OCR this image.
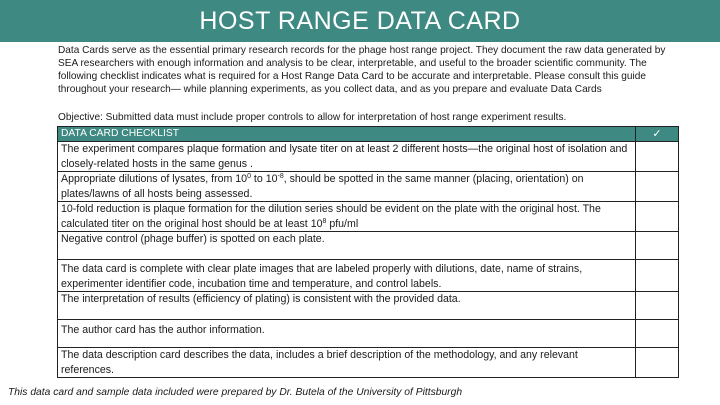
HOST RANGE DATA CARD
Data Cards serve as the essential primary research records for the phage host range project. They document the raw data generated by SEA researchers with enough information and analysis to be clear, interpretable, and useful to the broader scientific community. The following checklist indicates what is required for a Host Range Data Card to be accurate and interpretable. Please consult this guide throughout your research— while planning experiments, as you collect data, and as you prepare and evaluate Data Cards
Objective: Submitted data must include proper controls to allow for interpretation of host range experiment results.
DATA CARD CHECKLIST	✓
The experiment compares plaque formation and lysate titer on at least 2 different hosts—the original host of isolation and closely-related hosts in the same genus .	
Appropriate dilutions of lysates, from $10^0$ to $10^{-8}$, should be spotted in the same manner (placing, orientation) on plates/lawns of all hosts being assessed.	
10-fold reduction is plaque formation for the dilution series should be evident on the plate with the original host. The calculated titer on the original host should be at least $10^8$ pfu/ml	
Negative control (phage buffer) is spotted on each plate.	
The data card is complete with clear plate images that are labeled properly with dilutions, date, name of strains, experimenter identifier code, incubation time and temperature, and control labels.	
The interpretation of results (efficiency of plating) is consistent with the provided data.	
The author card has the author information.	
The data description card describes the data, includes a brief description of the methodology, and any relevant references.	
This data card and sample data included were prepared by Dr. Butela of the University of Pittsburgh
